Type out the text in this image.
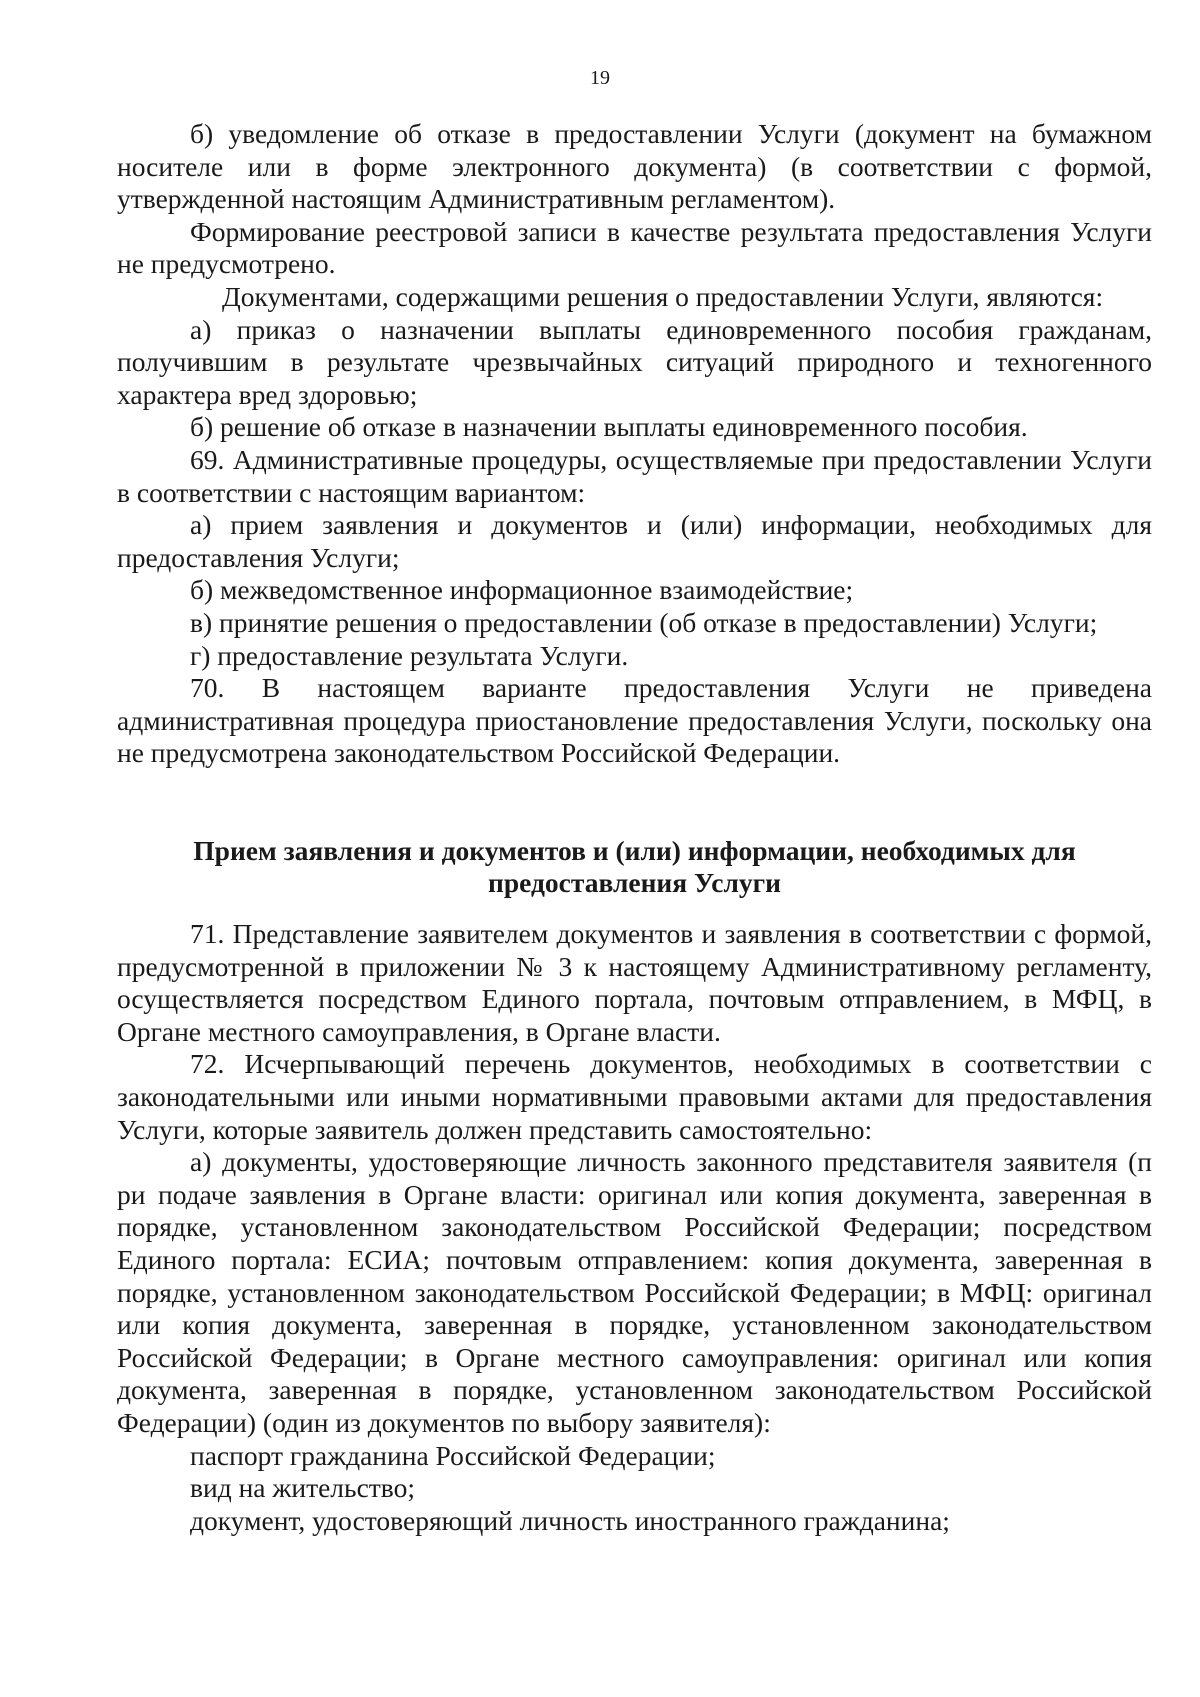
19

б) уведомление об отказе в предоставлении Услуги (документ на бумажном носителе или в форме электронного документа) (в соответствии с формой, утвержденной настоящим Административным регламентом).

Формирование реестровой записи в качестве результата предоставления Услуги не предусмотрено.

Документами, содержащими решения о предоставлении Услуги, являются:

а) приказ о назначении выплаты единовременного пособия гражданам, получившим в результате чрезвычайных ситуаций природного и техногенного характера вред здоровью;

б) решение об отказе в назначении выплаты единовременного пособия.

69. Административные процедуры, осуществляемые при предоставлении Услуги в соответствии с настоящим вариантом:

а) прием заявления и документов и (или) информации, необходимых для предоставления Услуги;

б) межведомственное информационное взаимодействие;

в) принятие решения о предоставлении (об отказе в предоставлении) Услуги;

г) предоставление результата Услуги.

70. В настоящем варианте предоставления Услуги не приведена административная процедура приостановление предоставления Услуги, поскольку она не предусмотрена законодательством Российской Федерации.

Прием заявления и документов и (или) информации, необходимых для предоставления Услуги

71. Представление заявителем документов и заявления в соответствии с формой, предусмотренной в приложении № 3 к настоящему Административному регламенту, осуществляется посредством Единого портала, почтовым отправлением, в МФЦ, в Органе местного самоуправления, в Органе власти.

72. Исчерпывающий перечень документов, необходимых в соответствии с законодательными или иными нормативными правовыми актами для предоставления Услуги, которые заявитель должен представить самостоятельно:

а) документы, удостоверяющие личность законного представителя заявителя (п ри подаче заявления в Органе власти: оригинал или копия документа, заверенная в порядке, установленном законодательством Российской Федерации; посредством Единого портала: ЕСИА; почтовым отправлением: копия документа, заверенная в порядке, установленном законодательством Российской Федерации; в МФЦ: оригинал или копия документа, заверенная в порядке, установленном законодательством Российской Федерации; в Органе местного самоуправления: оригинал или копия документа, заверенная в порядке, установленном законодательством Российской Федерации) (один из документов по выбору заявителя):

паспорт гражданина Российской Федерации;

вид на жительство;

документ, удостоверяющий личность иностранного гражданина;
